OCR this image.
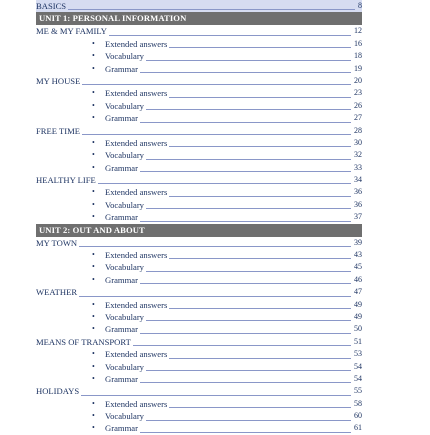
BASICS	8
UNIT 1: PERSONAL INFORMATION
ME & MY FAMILY	12
•	Extended answers	16
•	Vocabulary	18
•	Grammar	19
MY HOUSE	20
•	Extended answers	23
•	Vocabulary	26
•	Grammar	27
FREE TIME	28
•	Extended answers	30
•	Vocabulary	32
•	Grammar	33
HEALTHY LIFE	34
•	Extended answers	36
•	Vocabulary	36
•	Grammar	37
UNIT 2: OUT AND ABOUT
MY TOWN	39
•	Extended answers	43
•	Vocabulary	45
•	Grammar	46
WEATHER	47
•	Extended answers	49
•	Vocabulary	49
•	Grammar	50
MEANS OF TRANSPORT	51
•	Extended answers	53
•	Vocabulary	54
•	Grammar	54
HOLIDAYS	55
•	Extended answers	58
•	Vocabulary	60
•	Grammar	61
